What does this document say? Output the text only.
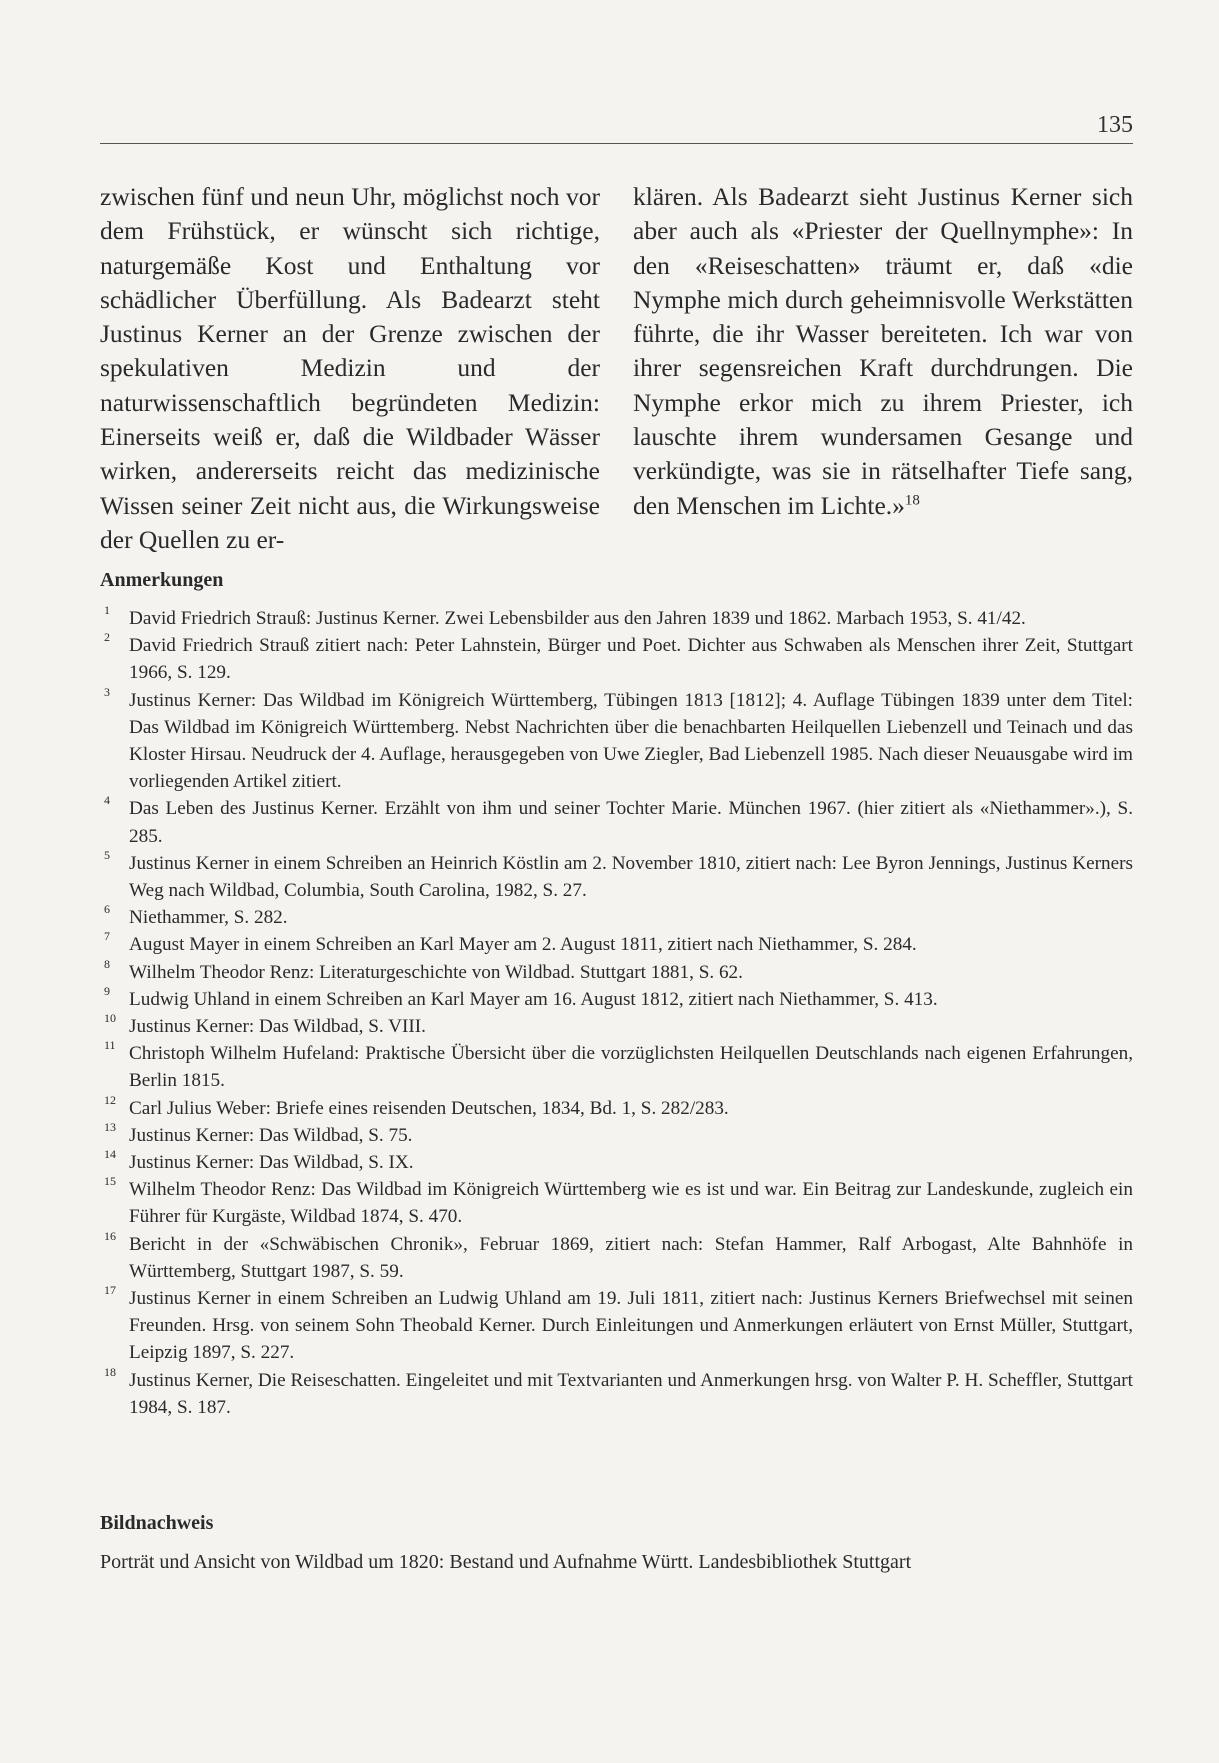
135

zwischen fünf und neun Uhr, möglichst noch vor dem Frühstück, er wünscht sich richtige, naturgemäße Kost und Enthaltung vor schädlicher Überfüllung. Als Badearzt steht Justinus Kerner an der Grenze zwischen der spekulativen Medizin und der naturwissenschaftlich begründeten Medizin: Einerseits weiß er, daß die Wildbader Wässer wirken, andererseits reicht das medizinische Wissen seiner Zeit nicht aus, die Wirkungsweise der Quellen zu er-

klären. Als Badearzt sieht Justinus Kerner sich aber auch als «Priester der Quellnymphe»: In den «Reiseschatten» träumt er, daß «die Nymphe mich durch geheimnisvolle Werkstätten führte, die ihr Wasser bereiteten. Ich war von ihrer segensreichen Kraft durchdrungen. Die Nymphe erkor mich zu ihrem Priester, ich lauschte ihrem wundersamen Gesange und verkündigte, was sie in rätselhafter Tiefe sang, den Menschen im Lichte.»$^{18}$

Anmerkungen
1 David Friedrich Strauß: Justinus Kerner. Zwei Lebensbilder aus den Jahren 1839 und 1862. Marbach 1953, S. 41/42.
2 David Friedrich Strauß zitiert nach: Peter Lahnstein, Bürger und Poet. Dichter aus Schwaben als Menschen ihrer Zeit, Stuttgart 1966, S. 129.
3 Justinus Kerner: Das Wildbad im Königreich Württemberg, Tübingen 1813 [1812]; 4. Auflage Tübingen 1839 unter dem Titel: Das Wildbad im Königreich Württemberg. Nebst Nachrichten über die benachbarten Heilquellen Liebenzell und Teinach und das Kloster Hirsau. Neudruck der 4. Auflage, herausgegeben von Uwe Ziegler, Bad Liebenzell 1985. Nach dieser Neuausgabe wird im vorliegenden Artikel zitiert.
4 Das Leben des Justinus Kerner. Erzählt von ihm und seiner Tochter Marie. München 1967. (hier zitiert als «Niethammer».), S. 285.
5 Justinus Kerner in einem Schreiben an Heinrich Köstlin am 2. November 1810, zitiert nach: Lee Byron Jennings, Justinus Kerners Weg nach Wildbad, Columbia, South Carolina, 1982, S. 27.
6 Niethammer, S. 282.
7 August Mayer in einem Schreiben an Karl Mayer am 2. August 1811, zitiert nach Niethammer, S. 284.
8 Wilhelm Theodor Renz: Literaturgeschichte von Wildbad. Stuttgart 1881, S. 62.
9 Ludwig Uhland in einem Schreiben an Karl Mayer am 16. August 1812, zitiert nach Niethammer, S. 413.
10 Justinus Kerner: Das Wildbad, S. VIII.
11 Christoph Wilhelm Hufeland: Praktische Übersicht über die vorzüglichsten Heilquellen Deutschlands nach eigenen Erfahrungen, Berlin 1815.
12 Carl Julius Weber: Briefe eines reisenden Deutschen, 1834, Bd. 1, S. 282/283.
13 Justinus Kerner: Das Wildbad, S. 75.
14 Justinus Kerner: Das Wildbad, S. IX.
15 Wilhelm Theodor Renz: Das Wildbad im Königreich Württemberg wie es ist und war. Ein Beitrag zur Landeskunde, zugleich ein Führer für Kurgäste, Wildbad 1874, S. 470.
16 Bericht in der «Schwäbischen Chronik», Februar 1869, zitiert nach: Stefan Hammer, Ralf Arbogast, Alte Bahnhöfe in Württemberg, Stuttgart 1987, S. 59.
17 Justinus Kerner in einem Schreiben an Ludwig Uhland am 19. Juli 1811, zitiert nach: Justinus Kerners Briefwechsel mit seinen Freunden. Hrsg. von seinem Sohn Theobald Kerner. Durch Einleitungen und Anmerkungen erläutert von Ernst Müller, Stuttgart, Leipzig 1897, S. 227.
18 Justinus Kerner, Die Reiseschatten. Eingeleitet und mit Textvarianten und Anmerkungen hrsg. von Walter P. H. Scheffler, Stuttgart 1984, S. 187.
Bildnachweis

Porträt und Ansicht von Wildbad um 1820: Bestand und Aufnahme Württ. Landesbibliothek Stuttgart
